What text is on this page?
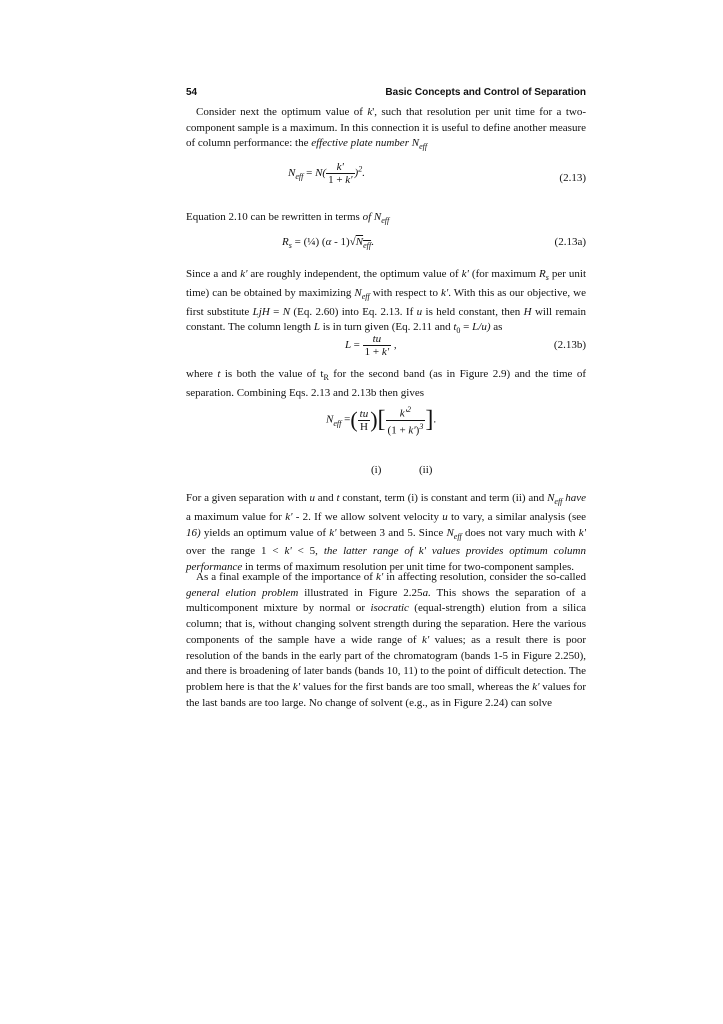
54	Basic Concepts and Control of Separation
Consider next the optimum value of k', such that resolution per unit time for a two-component sample is a maximum. In this connection it is useful to define another measure of column performance: the effective plate number $N_{eff}$
$N_{eff} = N( \frac{k'}{1 + k'} )^2$.	(2.13)
Equation 2.10 can be rewritten in terms of $N_{eff}$
$R_s$ = (¼) $(\alpha - 1)√N_{eff}$.	(2.13a)
Since a and k' are roughly independent, the optimum value of k' (for maximum $R_s$ per unit time) can be obtained by maximizing $N_{eff}$ with respect to k'. With this as our objective, we first substitute LjH = N (Eq. 2.60) into Eq. 2.13. If u is held constant, then H will remain constant. The column length L is in turn given (Eq. 2.11 and $t_0 = L/u$) as
$L = \frac{tu}{1 + k'}$ ,	(2.13b)
where t is both the value of $t_R$ for the second band (as in Figure 2.9) and the time of separation. Combining Eqs. 2.13 and 2.13b then gives
$N_{eff}$ =( $\frac{tu}{H}$ )[ $\frac{k'^2}{(1 + k')^3}$ ].
(i)	(ii)
For a given separation with u and t constant, term (i) is constant and term (ii) and $N_{eff}$ have a maximum value for k' - 2. If we allow solvent velocity u to vary, a similar analysis (see 16) yields an optimum value of k' between 3 and 5. Since $N_{eff}$ does not vary much with k' over the range 1 < k' < 5, the latter range of k' values provides optimum column performance in terms of maximum resolution per unit time for two-component samples.
As a final example of the importance of k' in affecting resolution, consider the so-called general elution problem illustrated in Figure 2.25a. This shows the separation of a multicomponent mixture by normal or isocratic (equal-strength) elution from a silica column; that is, without changing solvent strength during the separation. Here the various components of the sample have a wide range of k' values; as a result there is poor resolution of the bands in the early part of the chromatogram (bands 1-5 in Figure 2.250), and there is broadening of later bands (bands 10, 11) to the point of difficult detection. The problem here is that the k' values for the first bands are too small, whereas the k' values for the last bands are too large. No change of solvent (e.g., as in Figure 2.24) can solve
